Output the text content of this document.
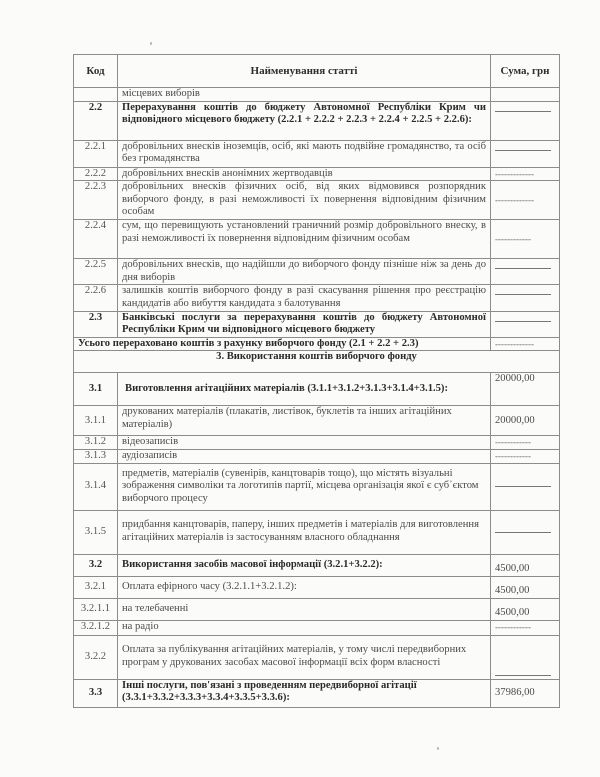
Код	Найменування статті	Сума, грн
	місцевих виборів	
2.2	Перерахування коштів до бюджету Автономної Республіки Крим чи відповідного місцевого бюджету (2.2.1 + 2.2.2 + 2.2.3 + 2.2.4 + 2.2.5 + 2.2.6):	

2.2.1	добровільних внесків іноземців, осіб, які мають подвійне громадянство, та осіб без громадянства	

2.2.2	добровільних внесків анонімних жертводавців	-------------

2.2.3	добровільних внесків фізичних осіб, від яких відмовився розпорядник виборчого фонду, в разі неможливості їх повернення відповідним фізичним особам	-------------

2.2.4	сум, що перевищують установлений граничний розмір добровільного внеску, в разі неможливості їх повернення відповідним фізичним особам	------------

2.2.5	добровільних внесків, що надійшли до виборчого фонду пізніше ніж за день до дня виборів	

2.2.6	залишків коштів виборчого фонду в разі скасування рішення про реєстрацію кандидатів або вибуття кандидата з балотування	

2.3	Банківські послуги за перерахування коштів до бюджету Автономної Республіки Крим чи відповідного місцевого бюджету	

Усього перераховано коштів з рахунку виборчого фонду (2.1 + 2.2 + 2.3)		-------------

3. Використання коштів виборчого фонду		
3.1	Виготовлення агітаційних матеріалів (3.1.1+3.1.2+3.1.3+3.1.4+3.1.5):	20000,00
3.1.1	друкованих матеріалів (плакатів, листівок, буклетів та інших агітаційних матеріалів)	20000,00
3.1.2	відеозаписів	------------

3.1.3	аудіозаписів	------------

3.1.4	предметів, матеріалів (сувенірів, канцтоварів тощо), що містять візуальні зображення символіки та логотипів партії, місцева організація якої є суб᾿єктом виборчого процесу	

3.1.5	придбання канцтоварів, паперу, інших предметів і матеріалів для виготовлення агітаційних матеріалів із застосуванням власного обладнання	

3.2	Використання засобів масової інформації (3.2.1+3.2.2):	4500,00
3.2.1	Оплата ефірного часу (3.2.1.1+3.2.1.2):	4500,00
3.2.1.1	на телебаченні	4500,00
3.2.1.2	на радіо	------------

3.2.2	Оплата за публікування агітаційних матеріалів, у тому числі передвиборних програм у друкованих засобах масової інформації всіх форм власності	

3.3	Інші послуги, пов'язані з проведенням передвиборної агітації (3.3.1+3.3.2+3.3.3+3.3.4+3.3.5+3.3.6):	37986,00
